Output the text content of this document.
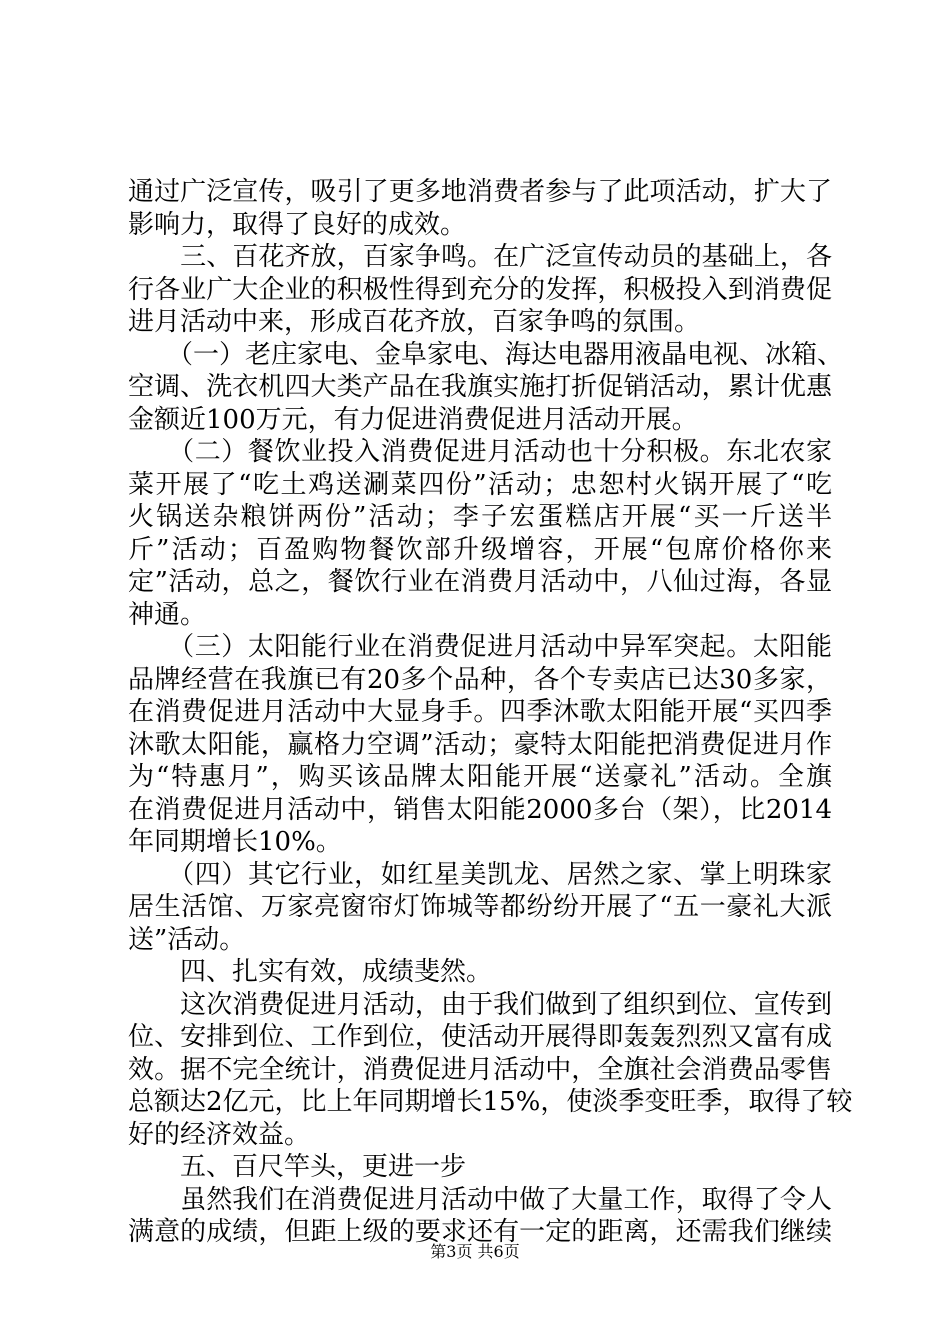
通过广泛宣传，吸引了更多地消费者参与了此项活动，扩大了
影响力，取得了良好的成效。
　　三、百花齐放，百家争鸣。在广泛宣传动员的基础上，各
行各业广大企业的积极性得到充分的发挥，积极投入到消费促
进月活动中来，形成百花齐放，百家争鸣的氛围。
　　（一）老庄家电、金阜家电、海达电器用液晶电视、冰箱、
空调、洗衣机四大类产品在我旗实施打折促销活动，累计优惠
金额近100万元，有力促进消费促进月活动开展。
　　（二）餐饮业投入消费促进月活动也十分积极。东北农家
菜开展了“吃土鸡送涮菜四份”活动；忠恕村火锅开展了“吃
火锅送杂粮饼两份”活动；李子宏蛋糕店开展“买一斤送半
斤”活动；百盈购物餐饮部升级增容，开展“包席价格你来
定”活动，总之，餐饮行业在消费月活动中，八仙过海，各显
神通。
　　（三）太阳能行业在消费促进月活动中异军突起。太阳能
品牌经营在我旗已有20多个品种，各个专卖店已达30多家，
在消费促进月活动中大显身手。四季沐歌太阳能开展“买四季
沐歌太阳能，赢格力空调”活动；豪特太阳能把消费促进月作
为“特惠月”，购买该品牌太阳能开展“送豪礼”活动。全旗
在消费促进月活动中，销售太阳能2000多台（架），比2014
年同期增长10%。
　　（四）其它行业，如红星美凯龙、居然之家、掌上明珠家
居生活馆、万家亮窗帘灯饰城等都纷纷开展了“五一豪礼大派
送”活动。
　　四、扎实有效，成绩斐然。
　　这次消费促进月活动，由于我们做到了组织到位、宣传到
位、安排到位、工作到位，使活动开展得即轰轰烈烈又富有成
效。据不完全统计，消费促进月活动中，全旗社会消费品零售
总额达2亿元，比上年同期增长15%，使淡季变旺季，取得了较
好的经济效益。
　　五、百尺竿头，更进一步
　　虽然我们在消费促进月活动中做了大量工作，取得了令人
满意的成绩，但距上级的要求还有一定的距离，还需我们继续
第3页 共6页
